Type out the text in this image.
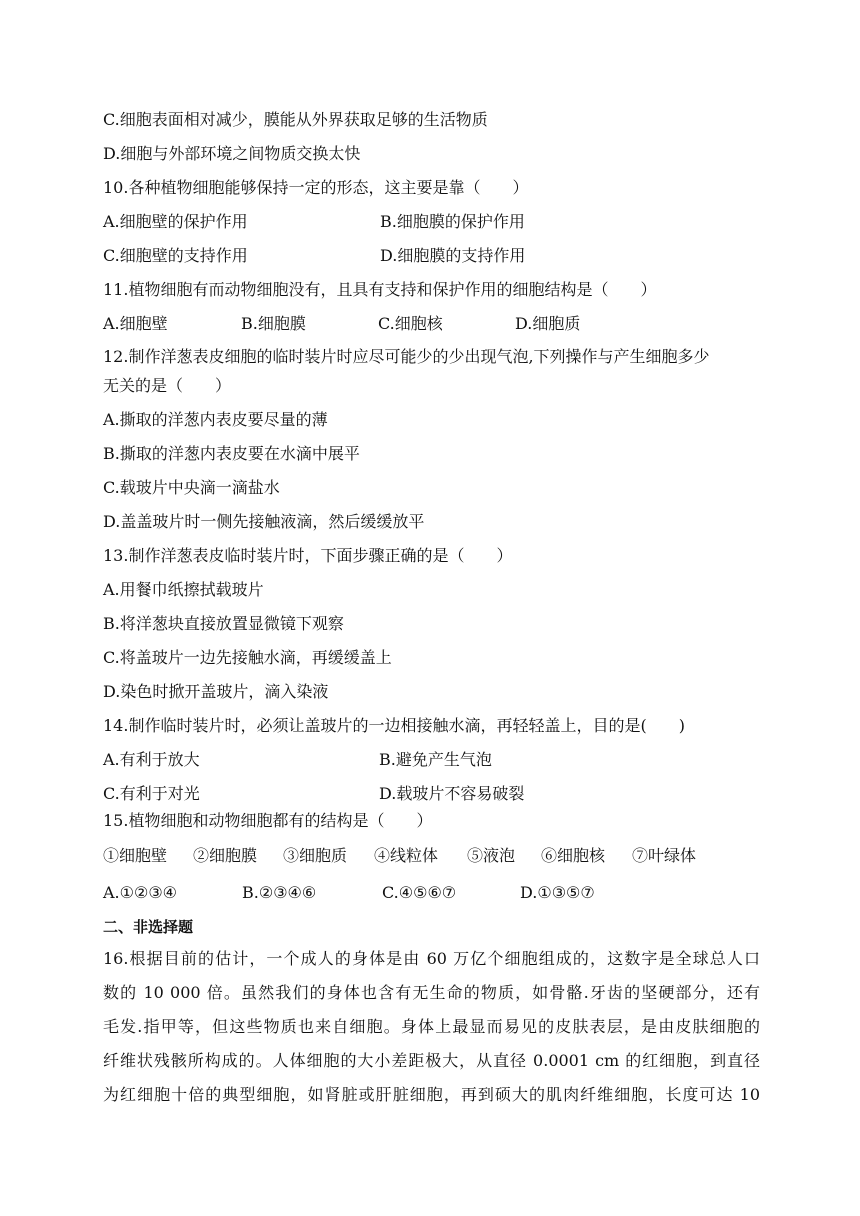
C.细胞表面相对减少，膜能从外界获取足够的生活物质
D.细胞与外部环境之间物质交换太快
10.各种植物细胞能够保持一定的形态，这主要是靠（　　）
A.细胞壁的保护作用	B.细胞膜的保护作用
C.细胞壁的支持作用	D.细胞膜的支持作用
11.植物细胞有而动物细胞没有，且具有支持和保护作用的细胞结构是（　　）
A.细胞壁	B.细胞膜	C.细胞核	D.细胞质
12.制作洋葱表皮细胞的临时装片时应尽可能少的少出现气泡,下列操作与产生细胞多少
无关的是（　　）
A.撕取的洋葱内表皮要尽量的薄
B.撕取的洋葱内表皮要在水滴中展平
C.载玻片中央滴一滴盐水
D.盖盖玻片时一侧先接触液滴，然后缓缓放平
13.制作洋葱表皮临时装片时，下面步骤正确的是（　　）
A.用餐巾纸擦拭载玻片
B.将洋葱块直接放置显微镜下观察
C.将盖玻片一边先接触水滴，再缓缓盖上
D.染色时掀开盖玻片，滴入染液
14.制作临时装片时，必须让盖玻片的一边相接触水滴，再轻轻盖上，目的是(　　)
A.有利于放大	B.避免产生气泡
C.有利于对光	D.载玻片不容易破裂
15.植物细胞和动物细胞都有的结构是（　　）
①细胞壁 ②细胞膜 ③细胞质 ④线粒体 ⑤液泡 ⑥细胞核 ⑦叶绿体
A.①②③④	B.②③④⑥	C.④⑤⑥⑦	D.①③⑤⑦
二、非选择题
16.根据目前的估计，一个成人的身体是由 60 万亿个细胞组成的，这数字是全球总人口
数的 10 000 倍。虽然我们的身体也含有无生命的物质，如骨骼.牙齿的坚硬部分，还有
毛发.指甲等，但这些物质也来自细胞。身体上最显而易见的皮肤表层，是由皮肤细胞的
纤维状残骸所构成的。人体细胞的大小差距极大，从直径 0.0001 cm 的红细胞，到直径
为红细胞十倍的典型细胞，如肾脏或肝脏细胞，再到硕大的肌肉纤维细胞，长度可达 10
